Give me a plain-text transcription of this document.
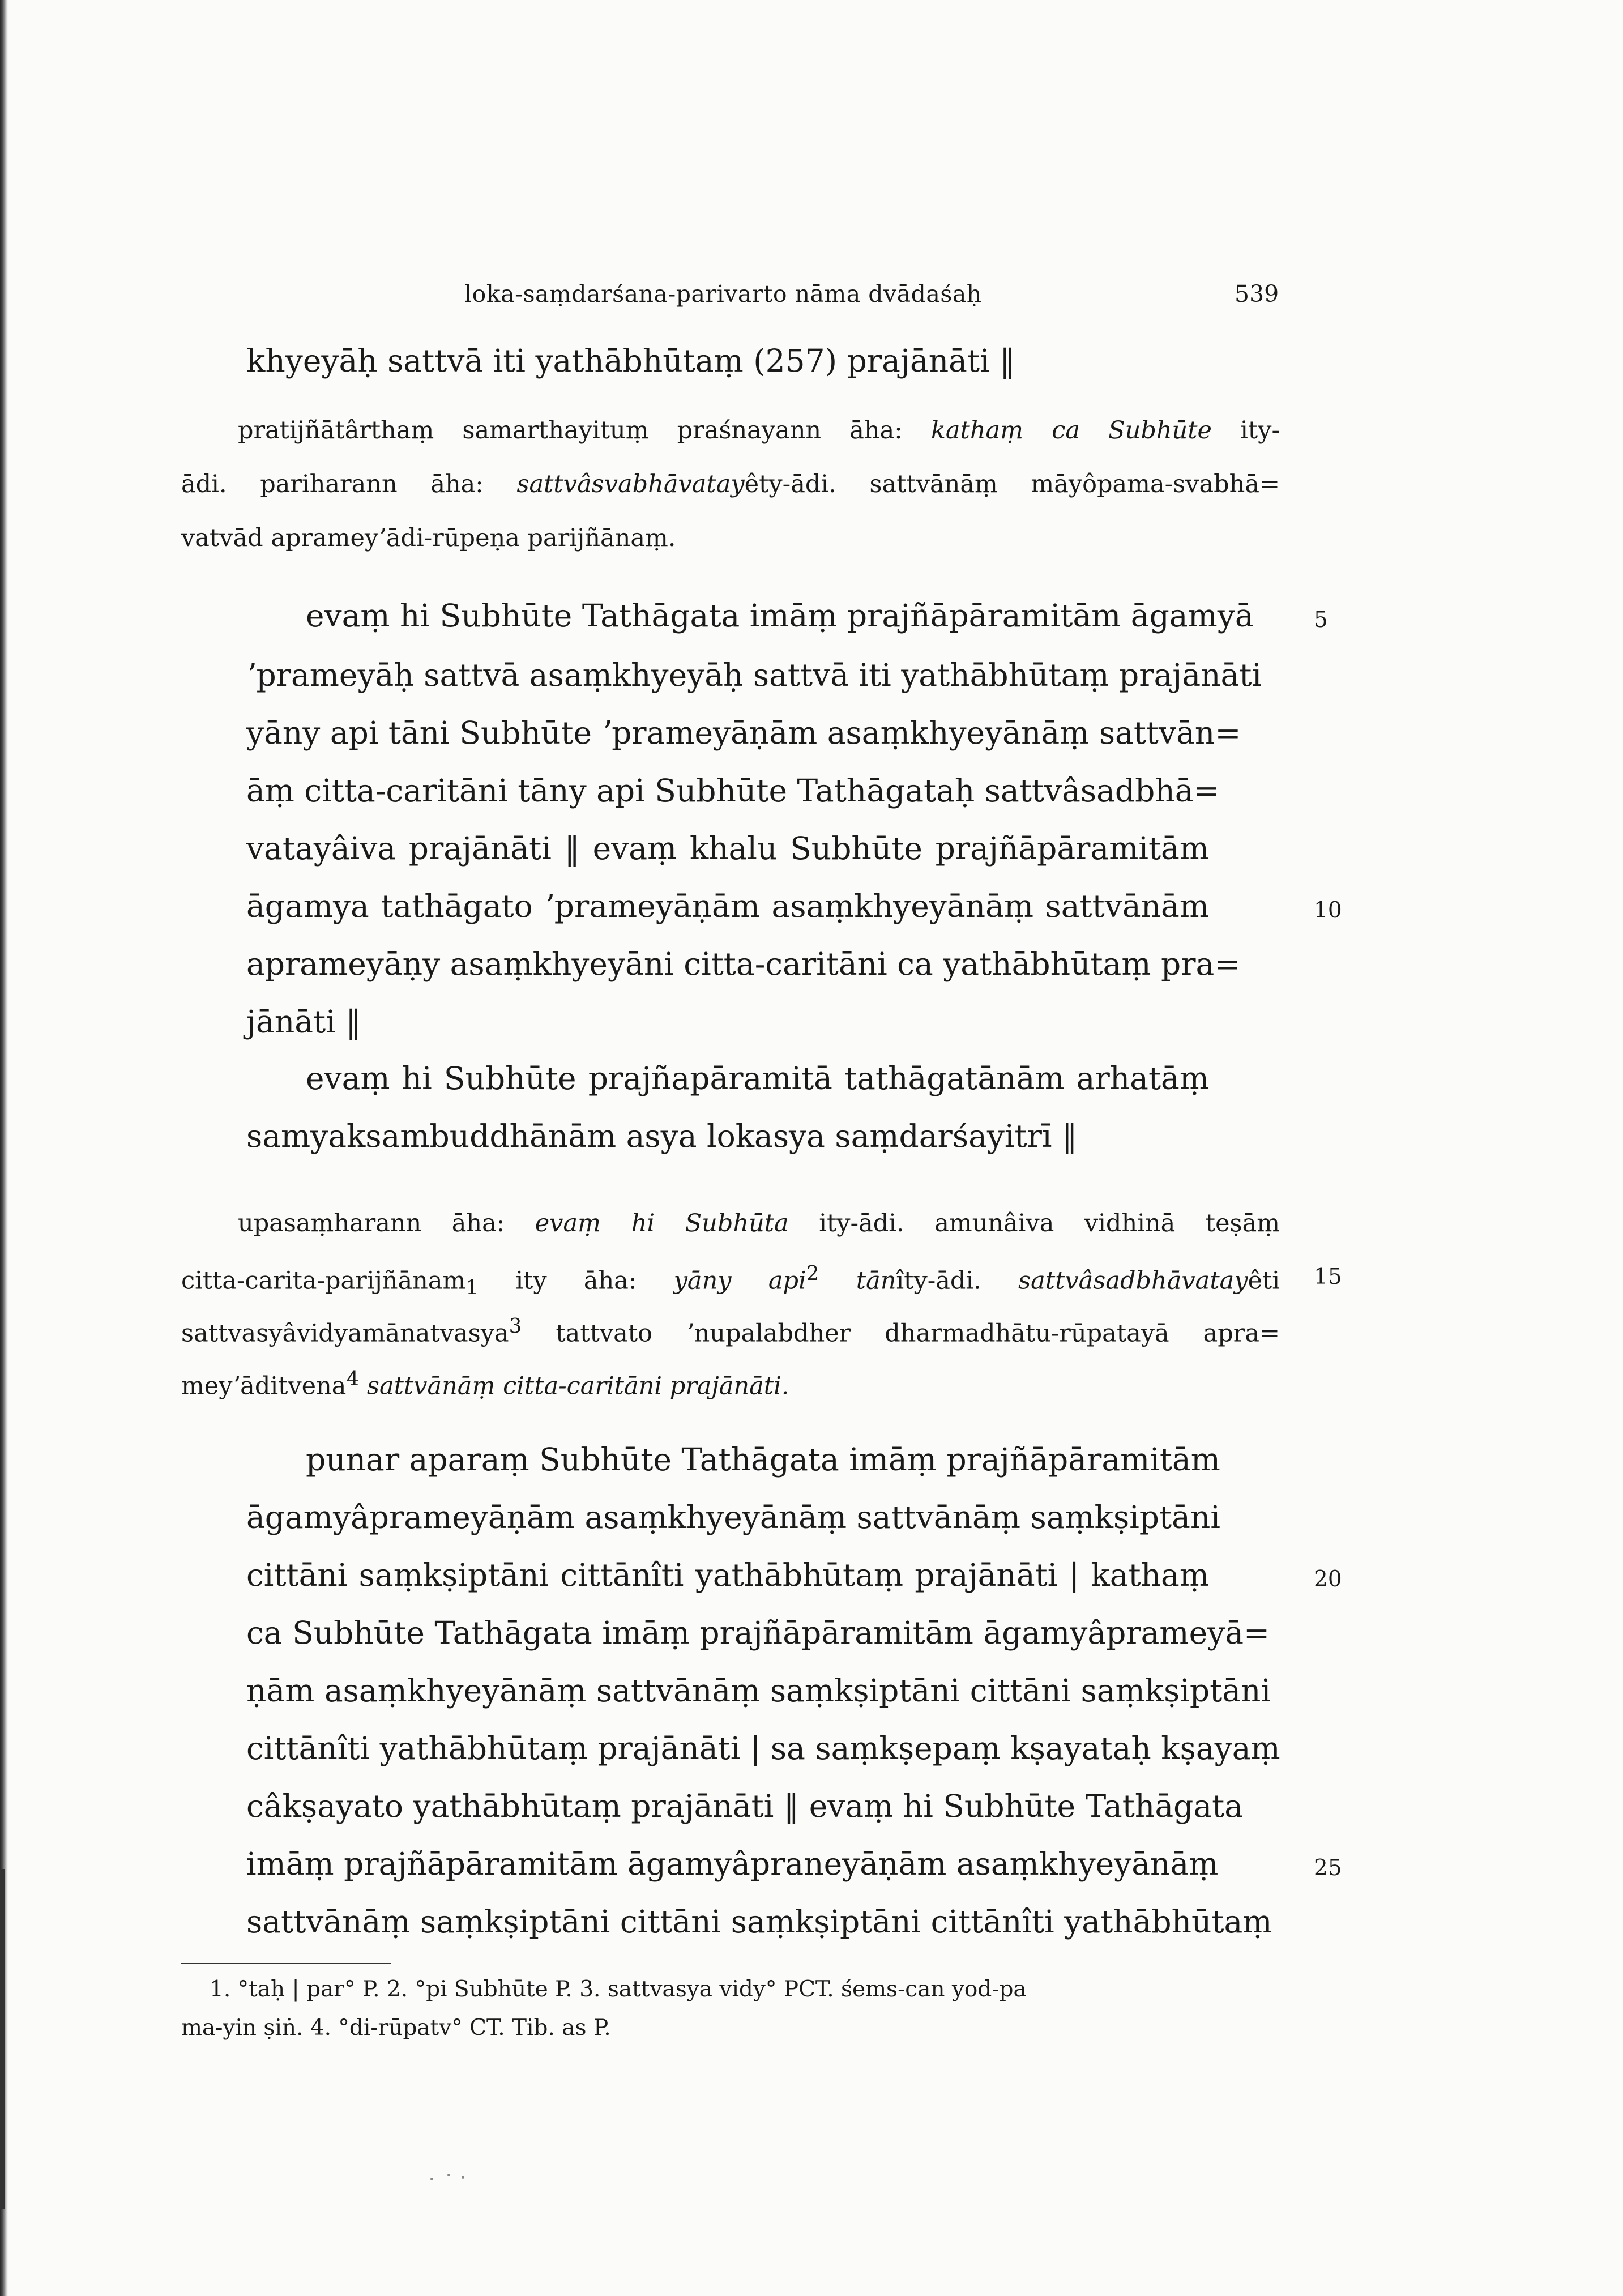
loka-saṃdarśana-parivarto nāma dvādaśaḥ	539
khyeyāḥ sattvā iti yathābhūtaṃ (257) prajānāti ‖
pratijñātârthaṃ samarthayituṃ praśnayann āha: kathaṃ ca Subhūte ity-
ādi. pariharann āha: sattvâsvabhāvatayêty-ādi. sattvānāṃ māyôpama-svabhā=
vatvād aprameyʼādi-rūpeṇa parijñānaṃ.
evaṃ hi Subhūte Tathāgata imāṃ prajñāpāramitām āgamyā	5
ʼprameyāḥ sattvā asaṃkhyeyāḥ sattvā iti yathābhūtaṃ prajānāti
yāny api tāni Subhūte ʼprameyāṇām asaṃkhyeyānāṃ sattvān=
āṃ citta-caritāni tāny api Subhūte Tathāgataḥ sattvâsadbhā=
vatayâiva prajānāti ‖ evaṃ khalu Subhūte prajñāpāramitām
āgamya tathāgato ʼprameyāṇām asaṃkhyeyānāṃ sattvānām	10
aprameyāṇy asaṃkhyeyāni citta-caritāni ca yathābhūtaṃ pra=
jānāti ‖
evaṃ hi Subhūte prajñapāramitā tathāgatānām arhatāṃ
samyaksambuddhānām asya lokasya saṃdarśayitrī ‖
upasaṃharann āha: evaṃ hi Subhūta ity-ādi. amunâiva vidhinā teṣāṃ
citta-carita-parijñānam$_1$ ity āha: yāny api$^2$ tānîty-ādi. sattvâsadbhāvatayêti 15
sattvasyâvidyamānatvasya$^3$ tattvato ʼnupalabdher dharmadhātu-rūpatayā apra=
meyʼāditvena$^4$ sattvānāṃ citta-caritāni prajānāti.
punar aparaṃ Subhūte Tathāgata imāṃ prajñāpāramitām
āgamyâprameyāṇām asaṃkhyeyānāṃ sattvānāṃ saṃkṣiptāni
cittāni saṃkṣiptāni cittānîti yathābhūtaṃ prajānāti | kathaṃ	20
ca Subhūte Tathāgata imāṃ prajñāpāramitām āgamyâprameyā=
ṇām asaṃkhyeyānāṃ sattvānāṃ saṃkṣiptāni cittāni saṃkṣiptāni
cittānîti yathābhūtaṃ prajānāti | sa saṃkṣepaṃ kṣayataḥ kṣayaṃ
câkṣayato yathābhūtaṃ prajānāti ‖ evaṃ hi Subhūte Tathāgata
imāṃ prajñāpāramitām āgamyâpraneyāṇām asaṃkhyeyānāṃ	25
sattvānāṃ saṃkṣiptāni cittāni saṃkṣiptāni cittānîti yathābhūtaṃ
1. °taḥ | par° P. 2. °pi Subhūte P. 3. sattvasya vidy° PCT. śems-can yod-pa
ma-yin ṣiṅ. 4. °di-rūpatv° CT. Tib. as P.
